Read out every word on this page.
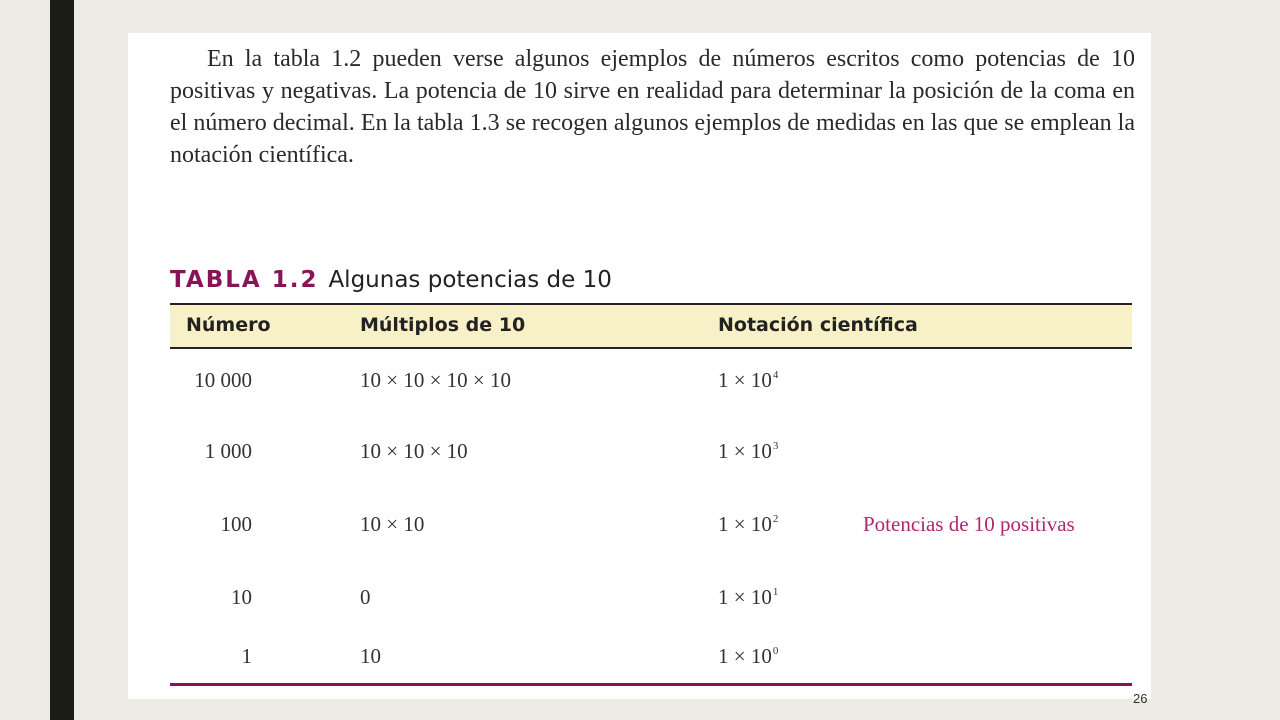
En la tabla 1.2 pueden verse algunos ejemplos de números escritos como potencias de 10 positivas y negativas. La potencia de 10 sirve en realidad para determinar la posición de la coma en el número decimal. En la tabla 1.3 se recogen algunos ejemplos de medidas en las que se emplean la notación científica.

TABLA 1.2 Algunas potencias de 10
Número	Múltiplos de 10	Notación científica
10 000	10 × 10 × 10 × 10	$1 \times 10^4$
1 000	10 × 10 × 10	$1 \times 10^3$
100	10 × 10	$1 \times 10^2$
10	0	$1 \times 10^1$
1	10	$1 \times 10^0$
Potencias de 10 positivas
26
